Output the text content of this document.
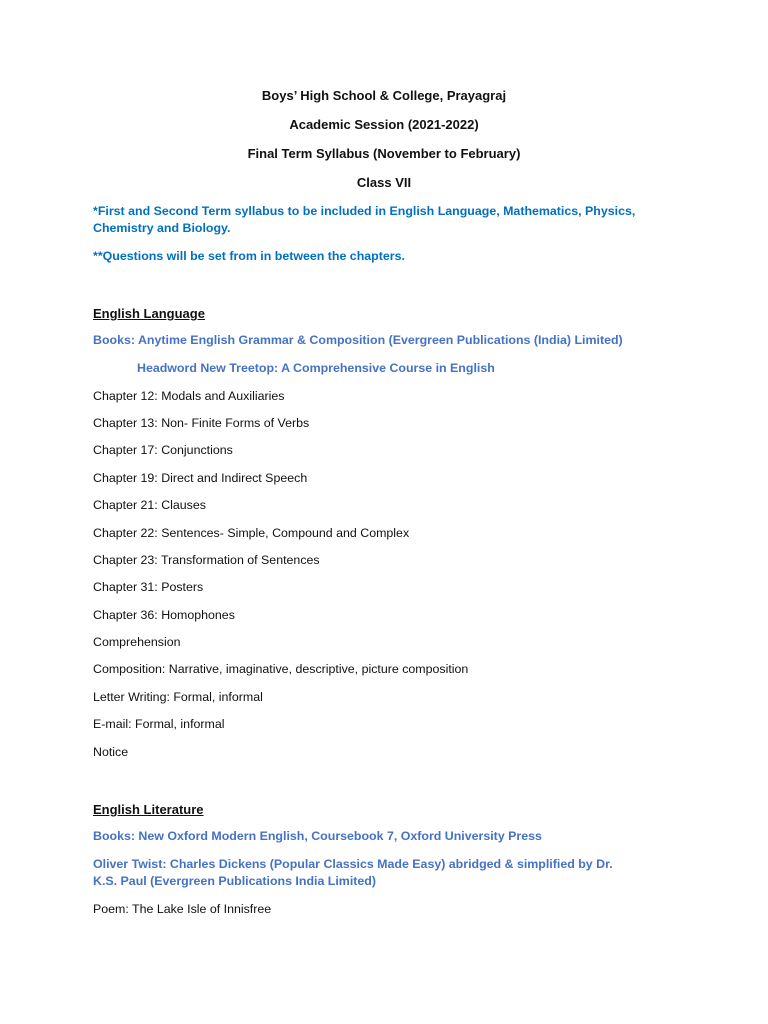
Boys’ High School & College, Prayagraj
Academic Session (2021-2022)
Final Term Syllabus (November to February)
Class VII
*First and Second Term syllabus to be included in English Language, Mathematics, Physics, Chemistry and Biology.
**Questions will be set from in between the chapters.
English Language
Books: Anytime English Grammar & Composition (Evergreen Publications (India) Limited)
Headword New Treetop: A Comprehensive Course in English
Chapter 12: Modals and Auxiliaries
Chapter 13: Non- Finite Forms of Verbs
Chapter 17: Conjunctions
Chapter 19: Direct and Indirect Speech
Chapter 21: Clauses
Chapter 22: Sentences- Simple, Compound and Complex
Chapter 23: Transformation of Sentences
Chapter 31: Posters
Chapter 36: Homophones
Comprehension
Composition: Narrative, imaginative, descriptive, picture composition
Letter Writing: Formal, informal
E-mail: Formal, informal
Notice
English Literature
Books: New Oxford Modern English, Coursebook 7, Oxford University Press
Oliver Twist: Charles Dickens (Popular Classics Made Easy) abridged & simplified by Dr. K.S. Paul (Evergreen Publications India Limited)
Poem: The Lake Isle of Innisfree
